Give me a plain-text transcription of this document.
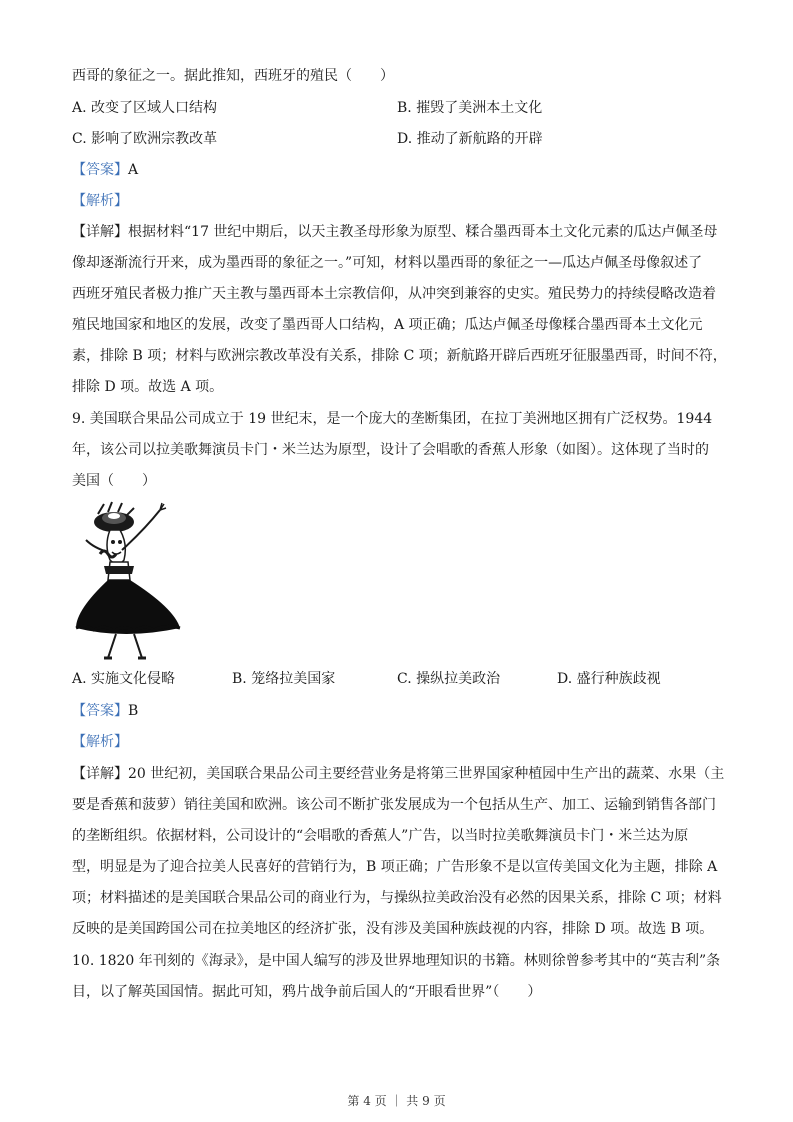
西哥的象征之一。据此推知，西班牙的殖民（　　）
A. 改变了区域人口结构	B. 摧毁了美洲本土文化
C. 影响了欧洲宗教改革	D. 推动了新航路的开辟
【答案】A
【解析】
【详解】根据材料“17 世纪中期后，以天主教圣母形象为原型、糅合墨西哥本土文化元素的瓜达卢佩圣母
像却逐渐流行开来，成为墨西哥的象征之一。”可知，材料以墨西哥的象征之一—瓜达卢佩圣母像叙述了
西班牙殖民者极力推广天主教与墨西哥本土宗教信仰，从冲突到兼容的史实。殖民势力的持续侵略改造着
殖民地国家和地区的发展，改变了墨西哥人口结构，A 项正确；瓜达卢佩圣母像糅合墨西哥本土文化元
素，排除 B 项；材料与欧洲宗教改革没有关系，排除 C 项；新航路开辟后西班牙征服墨西哥，时间不符，
排除 D 项。故选 A 项。
9. 美国联合果品公司成立于 19 世纪末，是一个庞大的垄断集团，在拉丁美洲地区拥有广泛权势。1944
年，该公司以拉美歌舞演员卡门・米兰达为原型，设计了会唱歌的香蕉人形象（如图）。这体现了当时的
美国（　　）
A. 实施文化侵略	B. 笼络拉美国家	C. 操纵拉美政治	D. 盛行种族歧视
【答案】B
【解析】
【详解】20 世纪初，美国联合果品公司主要经营业务是将第三世界国家种植园中生产出的蔬菜、水果（主
要是香蕉和菠萝）销往美国和欧洲。该公司不断扩张发展成为一个包括从生产、加工、运输到销售各部门
的垄断组织。依据材料，公司设计的“会唱歌的香蕉人”广告，以当时拉美歌舞演员卡门・米兰达为原
型，明显是为了迎合拉美人民喜好的营销行为，B 项正确；广告形象不是以宣传美国文化为主题，排除 A
项；材料描述的是美国联合果品公司的商业行为，与操纵拉美政治没有必然的因果关系，排除 C 项；材料
反映的是美国跨国公司在拉美地区的经济扩张，没有涉及美国种族歧视的内容，排除 D 项。故选 B 项。
10. 1820 年刊刻的《海录》，是中国人编写的涉及世界地理知识的书籍。林则徐曾参考其中的“英吉利”条
目，以了解英国国情。据此可知，鸦片战争前后国人的“开眼看世界”（　　）
第 4 页 ｜ 共 9 页
